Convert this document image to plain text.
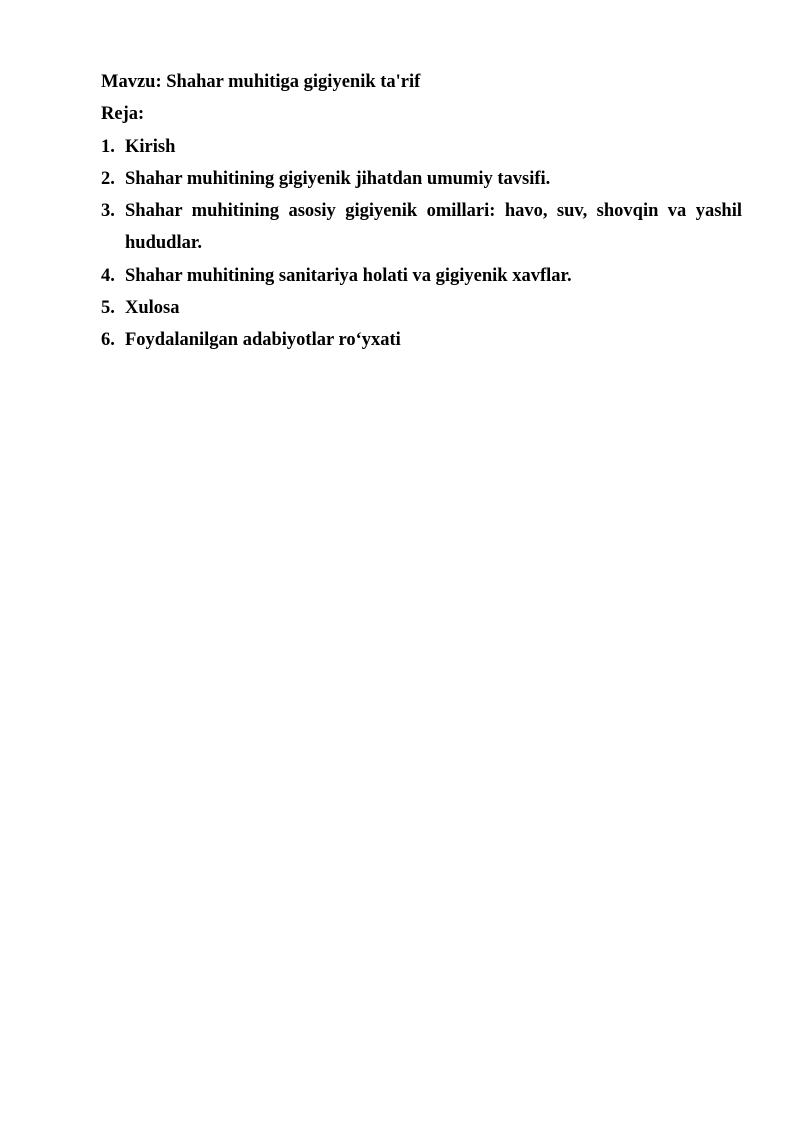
Mavzu: Shahar muhitiga gigiyenik ta'rif
Reja:
1. Kirish
2. Shahar muhitining gigiyenik jihatdan umumiy tavsifi.
3. Shahar muhitining asosiy gigiyenik omillari: havo, suv, shovqin va yashil hududlar.
4. Shahar muhitining sanitariya holati va gigiyenik xavflar.
5. Xulosa
6. Foydalanilgan adabiyotlar ro‘yxati
